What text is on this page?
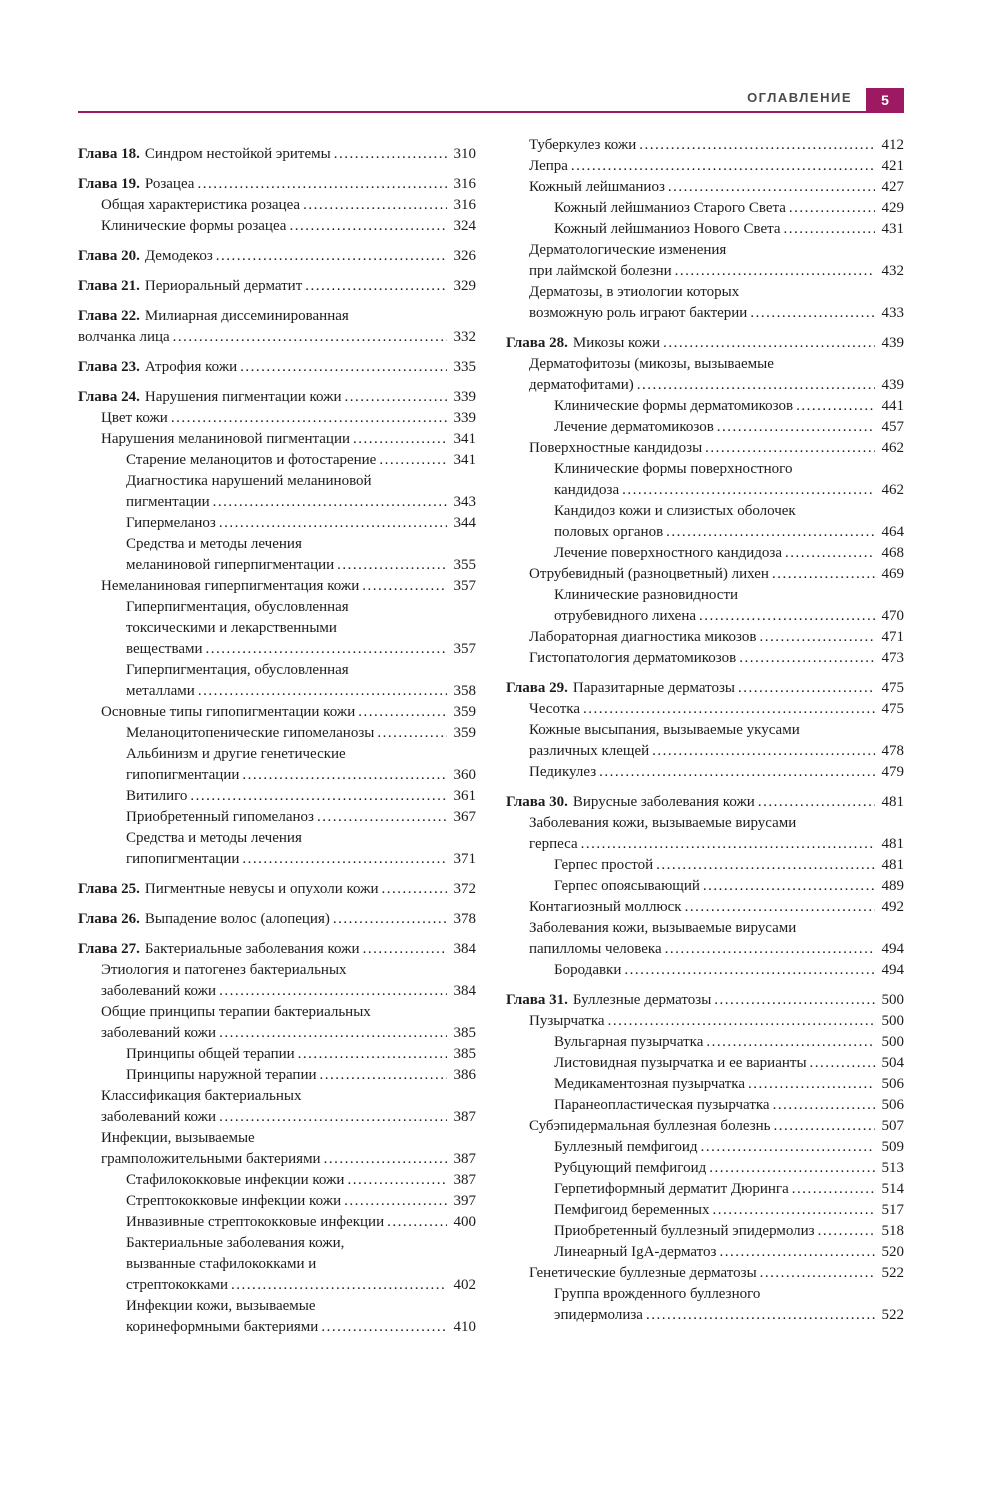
ОГЛАВЛЕНИЕ	5
Глава 18. Синдром нестойкой эритемы .....	310
Глава 19. Розацеа .....	316
Общая характеристика розацеа .....	316
Клинические формы розацеа .....	324
Глава 20. Демодекоз .....	326
Глава 21. Периоральный дерматит .....	329
Глава 22. Милиарная диссеминированная
волчанка лица .....	332
Глава 23. Атрофия кожи .....	335
Глава 24. Нарушения пигментации кожи .....	339
Цвет кожи .....	339
Нарушения меланиновой пигментации .....	341
Старение меланоцитов и фотостарение .....	341
Диагностика нарушений меланиновой
пигментации .....	343
Гипермеланоз .....	344
Средства и методы лечения
меланиновой гиперпигментации .....	355
Немеланиновая гиперпигментация кожи .....	357
Гиперпигментация, обусловленная
токсическими и лекарственными
веществами .....	357
Гиперпигментация, обусловленная
металлами .....	358
Основные типы гипопигментации кожи .....	359
Меланоцитопенические гипомеланозы .....	359
Альбинизм и другие генетические
гипопигментации .....	360
Витилиго .....	361
Приобретенный гипомеланоз .....	367
Средства и методы лечения
гипопигментации .....	371
Глава 25. Пигментные невусы и опухоли кожи .....	372
Глава 26. Выпадение волос (алопеция) .....	378
Глава 27. Бактериальные заболевания кожи .....	384
Этиология и патогенез бактериальных
заболеваний кожи .....	384
Общие принципы терапии бактериальных
заболеваний кожи .....	385
Принципы общей терапии .....	385
Принципы наружной терапии .....	386
Классификация бактериальных
заболеваний кожи .....	387
Инфекции, вызываемые
грамположительными бактериями .....	387
Стафилококковые инфекции кожи .....	387
Стрептококковые инфекции кожи .....	397
Инвазивные стрептококковые инфекции .....	400
Бактериальные заболевания кожи,
вызванные стафилококками и
стрептококками .....	402
Инфекции кожи, вызываемые
коринеформными бактериями .....	410
Туберкулез кожи .....	412
Лепра .....	421
Кожный лейшманиоз .....	427
Кожный лейшманиоз Старого Света .....	429
Кожный лейшманиоз Нового Света .....	431
Дерматологические изменения
при лаймской болезни .....	432
Дерматозы, в этиологии которых
возможную роль играют бактерии .....	433
Глава 28. Микозы кожи .....	439
Дерматофитозы (микозы, вызываемые
дерматофитами) .....	439
Клинические формы дерматомикозов .....	441
Лечение дерматомикозов .....	457
Поверхностные кандидозы .....	462
Клинические формы поверхностного
кандидоза .....	462
Кандидоз кожи и слизистых оболочек
половых органов .....	464
Лечение поверхностного кандидоза .....	468
Отрубевидный (разноцветный) лихен .....	469
Клинические разновидности
отрубевидного лихена .....	470
Лабораторная диагностика микозов .....	471
Гистопатология дерматомикозов .....	473
Глава 29. Паразитарные дерматозы .....	475
Чесотка .....	475
Кожные высыпания, вызываемые укусами
различных клещей .....	478
Педикулез .....	479
Глава 30. Вирусные заболевания кожи .....	481
Заболевания кожи, вызываемые вирусами
герпеса .....	481
Герпес простой .....	481
Герпес опоясывающий .....	489
Контагиозный моллюск .....	492
Заболевания кожи, вызываемые вирусами
папилломы человека .....	494
Бородавки .....	494
Глава 31. Буллезные дерматозы .....	500
Пузырчатка .....	500
Вульгарная пузырчатка .....	500
Листовидная пузырчатка и ее варианты .....	504
Медикаментозная пузырчатка .....	506
Паранеопластическая пузырчатка .....	506
Субэпидермальная буллезная болезнь .....	507
Буллезный пемфигоид .....	509
Рубцующий пемфигоид .....	513
Герпетиформный дерматит Дюринга .....	514
Пемфигоид беременных .....	517
Приобретенный буллезный эпидермолиз .....	518
Линеарный IgA-дерматоз .....	520
Генетические буллезные дерматозы .....	522
Группа врожденного буллезного
эпидермолиза .....	522
